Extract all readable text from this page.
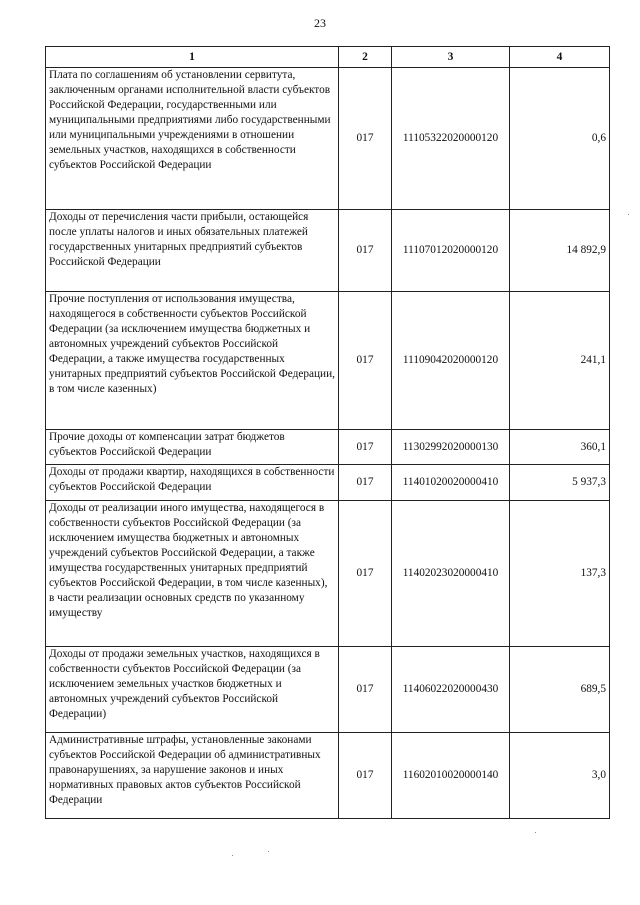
23
1	2	3	4
Плата по соглашениям об установлении сервитута, заключенным органами исполнительной власти субъектов Российской Федерации, государственными или муниципальными предприятиями либо государственными или муниципальными учреждениями в отношении земельных участков, находящихся в собственности субъектов Российской Федерации	017	11105322020000120	0,6
Доходы от перечисления части прибыли, остающейся после уплаты налогов и иных обязательных платежей государственных унитарных предприятий субъектов Российской Федерации	017	11107012020000120	14 892,9
Прочие поступления от использования имущества, находящегося в собственности субъектов Российской Федерации (за исключением имущества бюджетных и автономных учреждений субъектов Российской Федерации, а также имущества государственных унитарных предприятий субъектов Российской Федерации, в том числе казенных)	017	11109042020000120	241,1
Прочие доходы от компенсации затрат бюджетов субъектов Российской Федерации	017	11302992020000130	360,1
Доходы от продажи квартир, находящихся в собственности субъектов Российской Федерации	017	11401020020000410	5 937,3
Доходы от реализации иного имущества, находящегося в собственности субъектов Российской Федерации (за исключением имущества бюджетных и автономных учреждений субъектов Российской Федерации, а также имущества государственных унитарных предприятий субъектов Российской Федерации, в том числе казенных), в части реализации основных средств по указанному имуществу	017	11402023020000410	137,3
Доходы от продажи земельных участков, находящихся в собственности субъектов Российской Федерации (за исключением земельных участков бюджетных и автономных учреждений субъектов Российской Федерации)	017	11406022020000430	689,5
Административные штрафы, установленные законами субъектов Российской Федерации об административных правонарушениях, за нарушение законов и иных нормативных правовых актов субъектов Российской Федерации	017	11602010020000140	3,0
